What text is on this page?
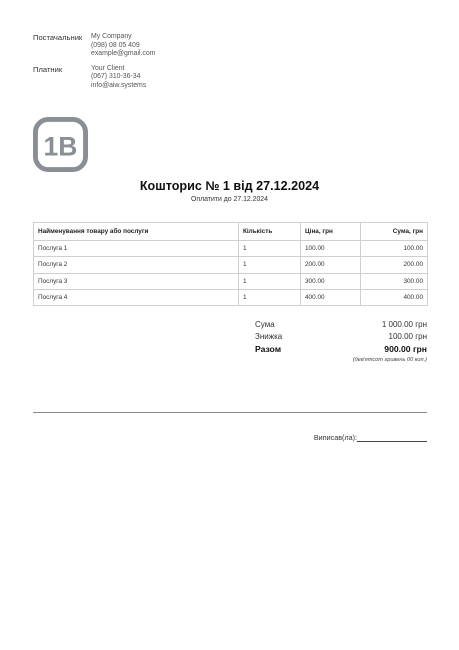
Постачальник	My Company
(098) 08 05 409
example@gmail.com
Платник	Your Client
(067) 310-36-34
info@aiw.systems
1B
Кошторис № 1 від 27.12.2024
Оплатити до 27.12.2024
Найменування товару або послуги	Кількість	Ціна, грн	Сума, грн
Послуга 1	1	100.00	100.00
Послуга 2	1	200.00	200.00
Послуга 3	1	300.00	300.00
Послуга 4	1	400.00	400.00
Сума	1 000.00 грн
Знижка	100.00 грн
Разом	900.00 грн
(дев'ятсот гривень 00 коп.)
Виписав(ла):
